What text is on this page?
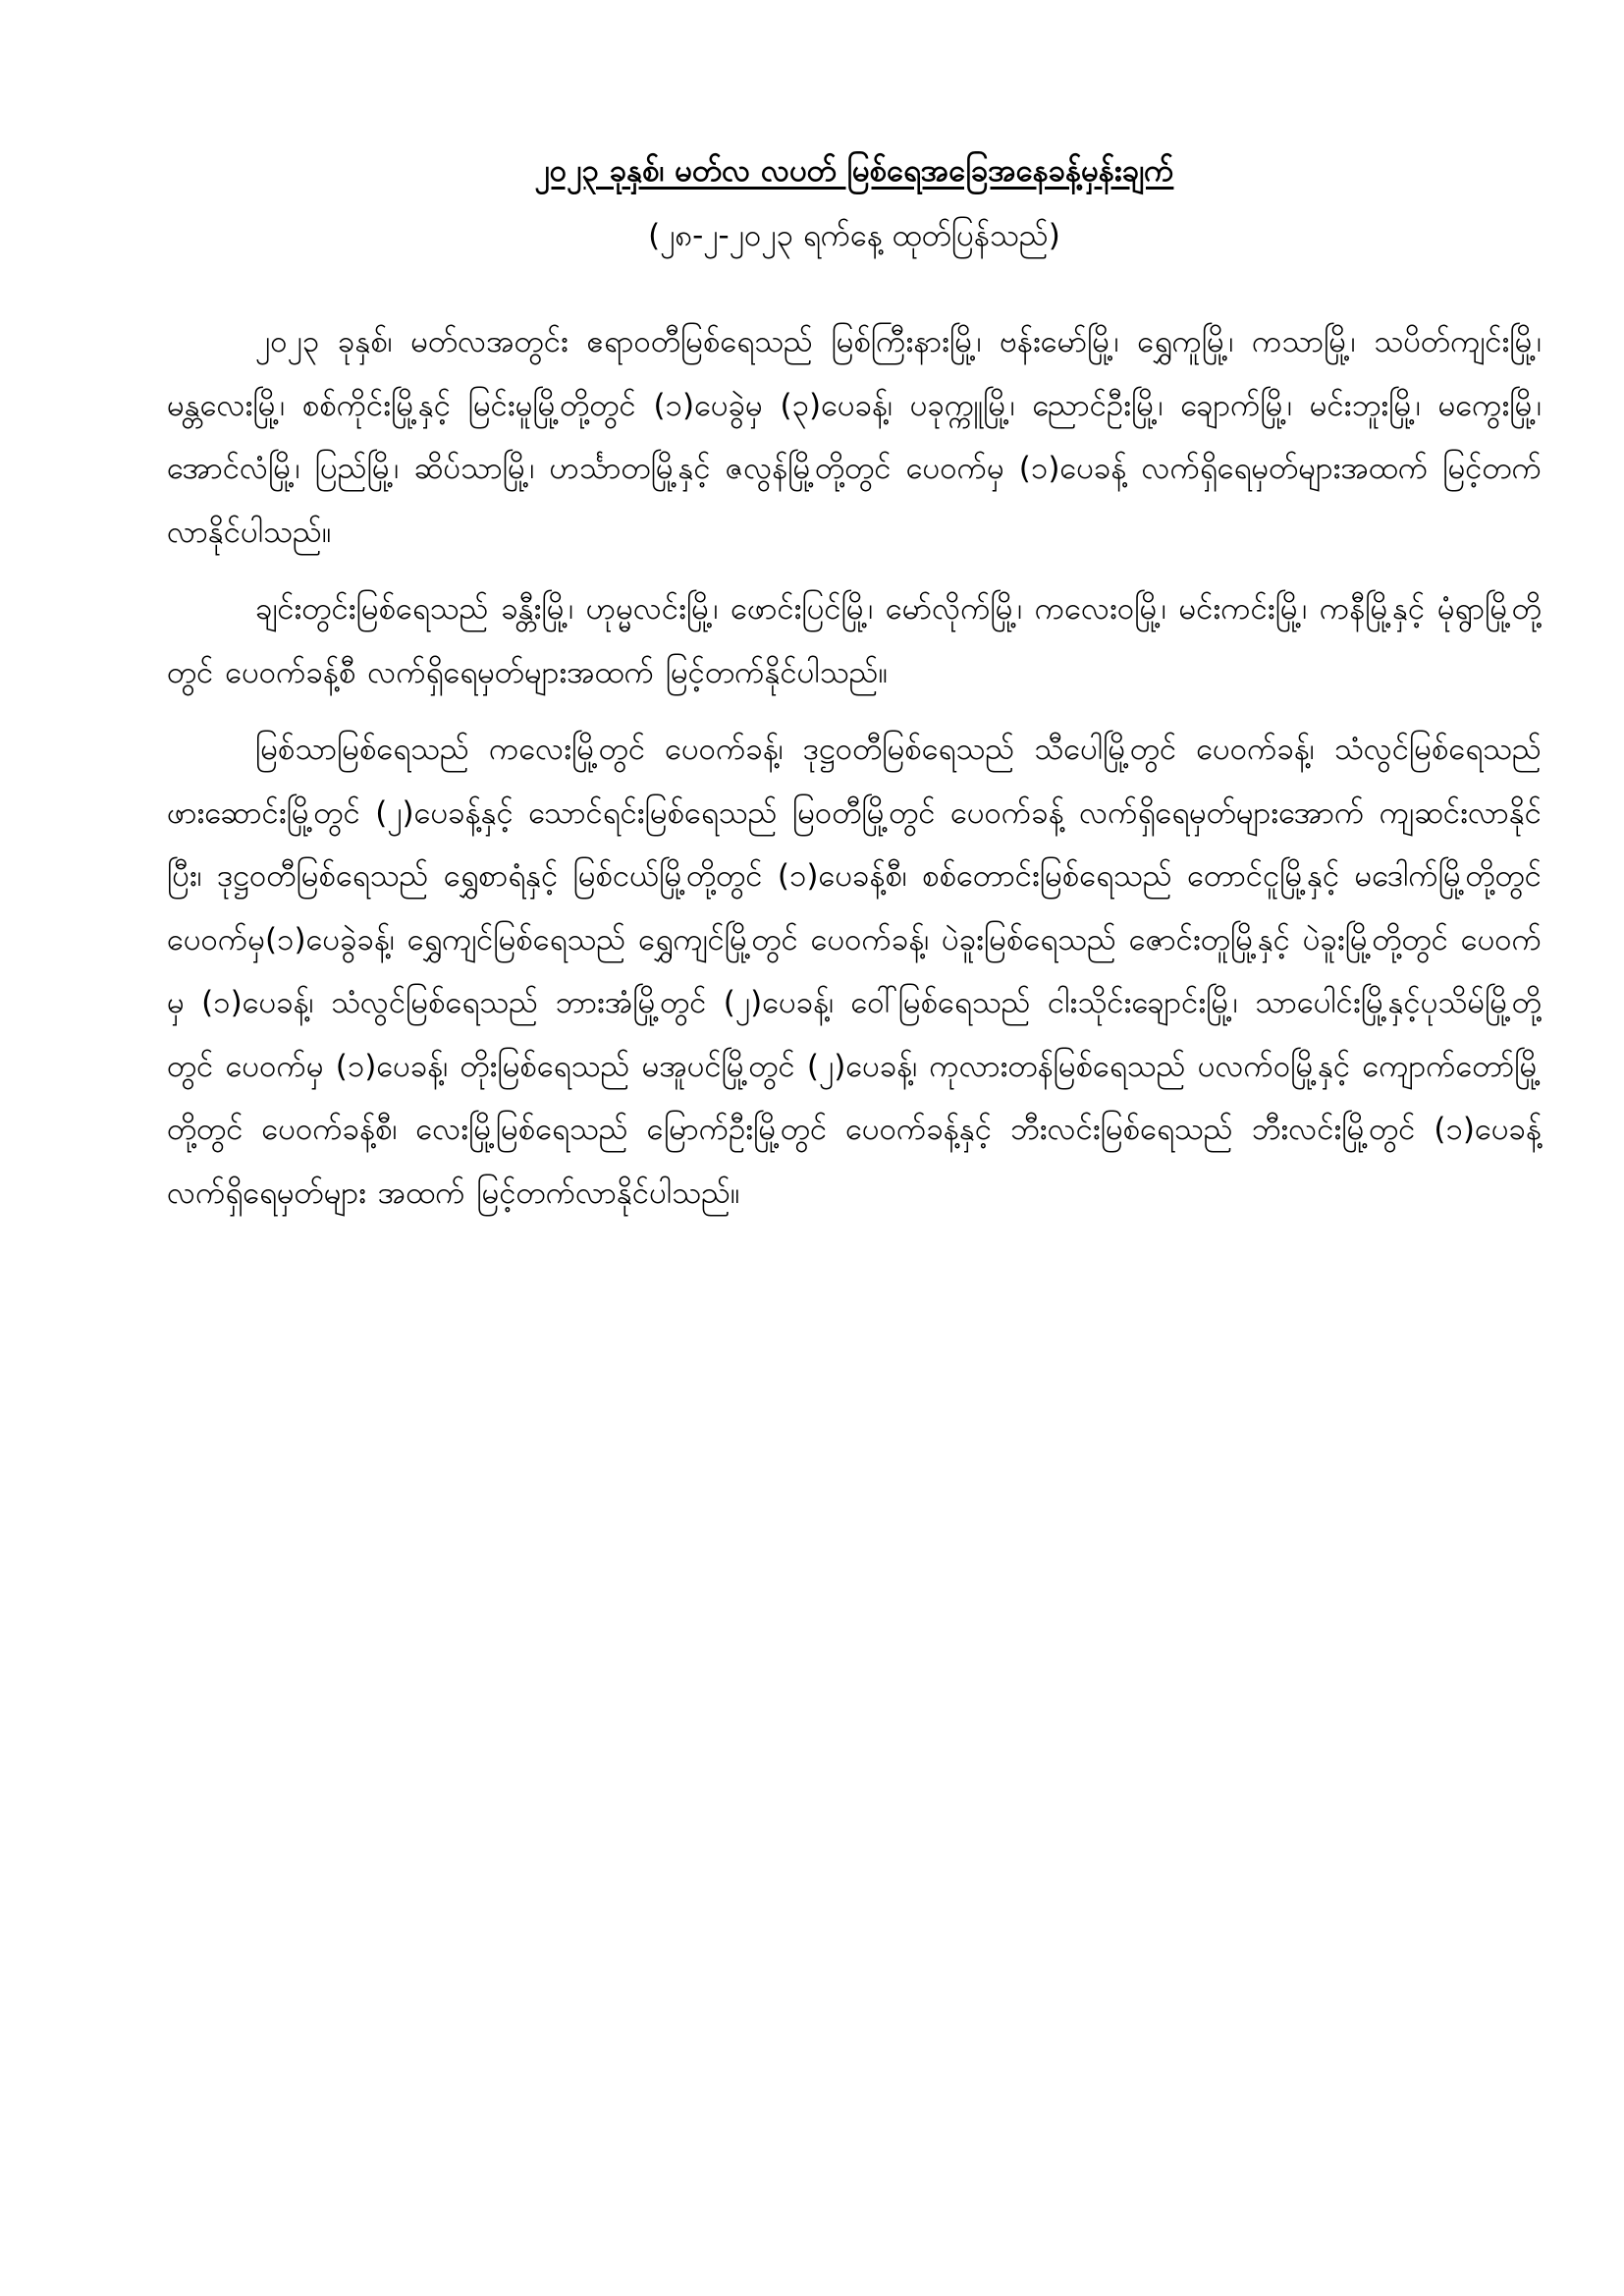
၂၀၂၃ ခုနှစ်၊ မတ်လ လပတ် မြစ်ရေအခြေအနေခန့်မှန်းချက်

(၂၈-၂-၂၀၂၃ ရက်နေ့ ထုတ်ပြန်သည်)

၂၀၂၃ ခုနှစ်၊ မတ်လအတွင်း ဧရာဝတီမြစ်ရေသည် မြစ်ကြီးနားမြို့၊ ဗန်းမော်မြို့၊ ရွှေကူမြို့၊ ကသာမြို့၊ သပိတ်ကျင်းမြို့၊ မန္တလေးမြို့၊ စစ်ကိုင်းမြို့နှင့် မြင်းမူမြို့တို့တွင် (၁)ပေခွဲမှ (၃)ပေခန့်၊ ပခုက္ကူမြို့၊ ညောင်ဦးမြို့၊ ချောက်မြို့၊ မင်းဘူးမြို့၊ မကွေးမြို့၊ အောင်လံမြို့၊ ပြည်မြို့၊ ဆိပ်သာမြို့၊ ဟင်္သာတမြို့နှင့် ဇလွန်မြို့တို့တွင် ပေဝက်မှ (၁)ပေခန့် လက်ရှိရေမှတ်များအထက် မြင့်တက်လာနိုင်ပါသည်။

ချင်းတွင်းမြစ်ရေသည် ခန္တီးမြို့၊ ဟုမ္မလင်းမြို့၊ ဖောင်းပြင်မြို့၊ မော်လိုက်မြို့၊ ကလေးဝမြို့၊ မင်းကင်းမြို့၊ ကနီမြို့နှင့် မုံရွာမြို့တို့တွင် ပေဝက်ခန့်စီ လက်ရှိရေမှတ်များအထက် မြင့်တက်နိုင်ပါသည်။

မြစ်သာမြစ်ရေသည် ကလေးမြို့တွင် ပေဝက်ခန့်၊ ဒုဋ္ဌဝတီမြစ်ရေသည် သီပေါမြို့တွင် ပေဝက်ခန့်၊ သံလွင်မြစ်ရေသည် ဖားဆောင်းမြို့တွင် (၂)ပေခန့်နှင့် သောင်ရင်းမြစ်ရေသည် မြဝတီမြို့တွင် ပေဝက်ခန့် လက်ရှိရေမှတ်များအောက် ကျဆင်းလာနိုင်ပြီး၊ ဒုဋ္ဌဝတီမြစ်ရေသည် ရွှေစာရံနှင့် မြစ်ငယ်မြို့တို့တွင် (၁)ပေခန့်စီ၊ စစ်တောင်းမြစ်ရေသည် တောင်ငူမြို့နှင့် မဒေါက်မြို့တို့တွင် ပေဝက်မှ(၁)ပေခွဲခန့်၊ ရွှေကျင်မြစ်ရေသည် ရွှေကျင်မြို့တွင် ပေဝက်ခန့်၊ ပဲခူးမြစ်ရေသည် ဇောင်းတူမြို့နှင့် ပဲခူးမြို့တို့တွင် ပေဝက်မှ (၁)ပေခန့်၊ သံလွင်မြစ်ရေသည် ဘားအံမြို့တွင် (၂)ပေခန့်၊ ဝေါ်မြစ်ရေသည် ငါးသိုင်းချောင်းမြို့၊ သာပေါင်းမြို့နှင့်ပုသိမ်မြို့တို့တွင် ပေဝက်မှ (၁)ပေခန့်၊ တိုးမြစ်ရေသည် မအူပင်မြို့တွင် (၂)ပေခန့်၊ ကုလားတန်မြစ်ရေသည် ပလက်ဝမြို့နှင့် ကျောက်တော်မြို့တို့တွင် ပေဝက်ခန့်စီ၊ လေးမြို့မြစ်ရေသည် မြောက်ဦးမြို့တွင် ပေဝက်ခန့်နှင့် ဘီးလင်းမြစ်ရေသည် ဘီးလင်းမြို့တွင် (၁)ပေခန့် လက်ရှိရေမှတ်များ အထက် မြင့်တက်လာနိုင်ပါသည်။
